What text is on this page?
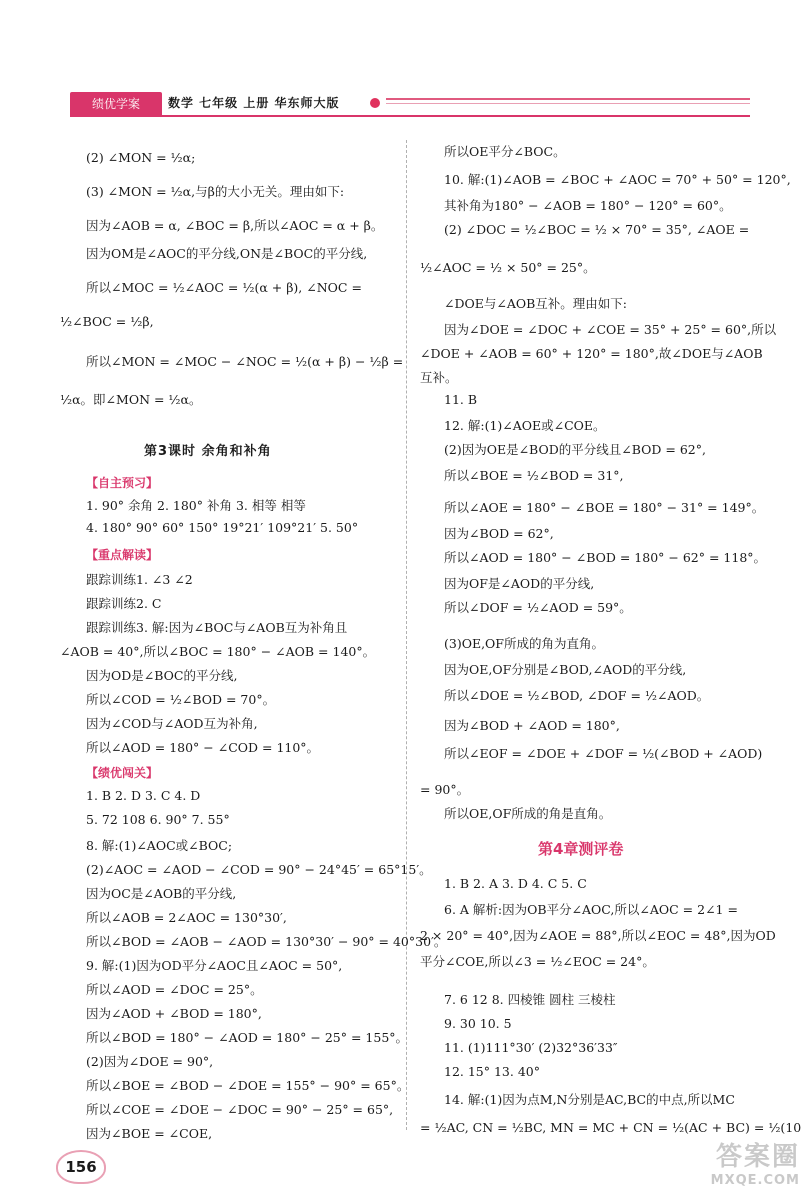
绩优学案	数学 七年级 上册 华东师大版
(2) ∠MON = ½α;
(3) ∠MON = ½α,与β的大小无关。理由如下:
因为∠AOB = α, ∠BOC = β,所以∠AOC = α + β。
因为OM是∠AOC的平分线,ON是∠BOC的平分线,
所以∠MOC = ½∠AOC = ½(α + β), ∠NOC =
½∠BOC = ½β,
所以∠MON = ∠MOC − ∠NOC = ½(α + β) − ½β =
½α。即∠MON = ½α。
第3课时 余角和补角
【自主预习】
1. 90° 余角 2. 180° 补角 3. 相等 相等
4. 180° 90° 60° 150° 19°21′ 109°21′ 5. 50°
【重点解读】
跟踪训练1. ∠3 ∠2
跟踪训练2. C
跟踪训练3. 解:因为∠BOC与∠AOB互为补角且
∠AOB = 40°,所以∠BOC = 180° − ∠AOB = 140°。
因为OD是∠BOC的平分线,
所以∠COD = ½∠BOD = 70°。
因为∠COD与∠AOD互为补角,
所以∠AOD = 180° − ∠COD = 110°。
【绩优闯关】
1. B 2. D 3. C 4. D
5. 72 108 6. 90° 7. 55°
8. 解:(1)∠AOC或∠BOC;
(2)∠AOC = ∠AOD − ∠COD = 90° − 24°45′ = 65°15′。
因为OC是∠AOB的平分线,
所以∠AOB = 2∠AOC = 130°30′,
所以∠BOD = ∠AOB − ∠AOD = 130°30′ − 90° = 40°30′。
9. 解:(1)因为OD平分∠AOC且∠AOC = 50°,
所以∠AOD = ∠DOC = 25°。
因为∠AOD + ∠BOD = 180°,
所以∠BOD = 180° − ∠AOD = 180° − 25° = 155°。
(2)因为∠DOE = 90°,
所以∠BOE = ∠BOD − ∠DOE = 155° − 90° = 65°。
所以∠COE = ∠DOE − ∠DOC = 90° − 25° = 65°,
因为∠BOE = ∠COE,
所以OE平分∠BOC。
10. 解:(1)∠AOB = ∠BOC + ∠AOC = 70° + 50° = 120°,
其补角为180° − ∠AOB = 180° − 120° = 60°。
(2) ∠DOC = ½∠BOC = ½ × 70° = 35°, ∠AOE =
½∠AOC = ½ × 50° = 25°。
∠DOE与∠AOB互补。理由如下:
因为∠DOE = ∠DOC + ∠COE = 35° + 25° = 60°,所以
∠DOE + ∠AOB = 60° + 120° = 180°,故∠DOE与∠AOB
互补。
11. B
12. 解:(1)∠AOE或∠COE。
(2)因为OE是∠BOD的平分线且∠BOD = 62°,
所以∠BOE = ½∠BOD = 31°,
所以∠AOE = 180° − ∠BOE = 180° − 31° = 149°。
因为∠BOD = 62°,
所以∠AOD = 180° − ∠BOD = 180° − 62° = 118°。
因为OF是∠AOD的平分线,
所以∠DOF = ½∠AOD = 59°。
(3)OE,OF所成的角为直角。
因为OE,OF分别是∠BOD,∠AOD的平分线,
所以∠DOE = ½∠BOD, ∠DOF = ½∠AOD。
因为∠BOD + ∠AOD = 180°,
所以∠EOF = ∠DOE + ∠DOF = ½(∠BOD + ∠AOD)
= 90°。
所以OE,OF所成的角是直角。
第4章测评卷
1. B 2. A 3. D 4. C 5. C
6. A 解析:因为OB平分∠AOC,所以∠AOC = 2∠1 =
2 × 20° = 40°,因为∠AOE = 88°,所以∠EOC = 48°,因为OD
平分∠COE,所以∠3 = ½∠EOC = 24°。
7. 6 12 8. 四棱锥 圆柱 三棱柱
9. 30 10. 5
11. (1)111°30′ (2)32°36′33″
12. 15° 13. 40°
14. 解:(1)因为点M,N分别是AC,BC的中点,所以MC
= ½AC, CN = ½BC, MN = MC + CN = ½(AC + BC) = ½(10
156	答案圈
MXQE.COM
